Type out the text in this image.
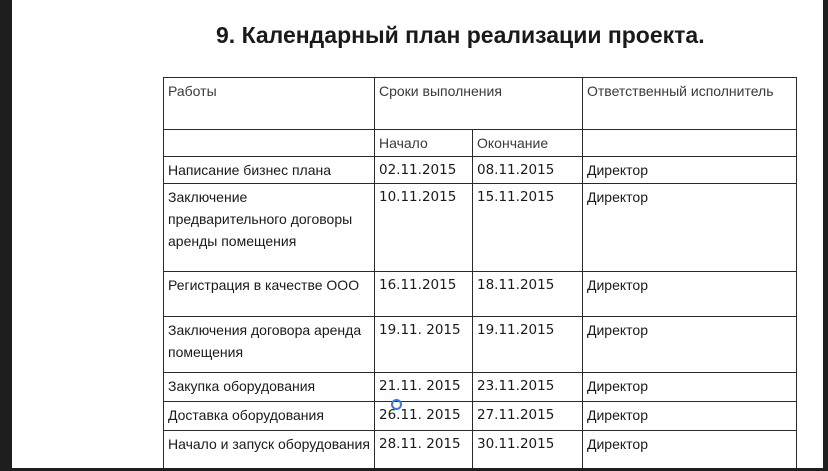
9. Календарный план реализации проекта.
Работы	Сроки выполнения		Ответственный исполнитель
	Начало	Окончание	
Написание бизнес плана	02.11.2015	08.11.2015	Директор
Заключение предварительного договоры аренды помещения	10.11.2015	15.11.2015	Директор
Регистрация в качестве ООО	16.11.2015	18.11.2015	Директор
Заключения договора аренда помещения	19.11. 2015	19.11.2015	Директор
Закупка оборудования	21.11. 2015	23.11.2015	Директор
Доставка оборудования	26.11. 2015	27.11.2015	Директор
Начало и запуск оборудования	28.11. 2015	30.11.2015	Директор
